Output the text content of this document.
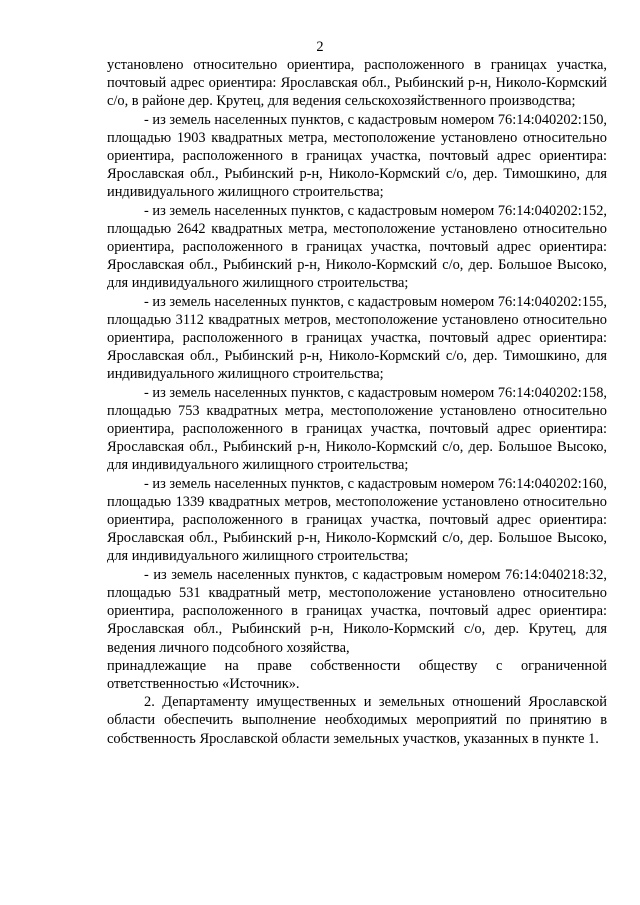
2

установлено относительно ориентира, расположенного в границах участка, почтовый адрес ориентира: Ярославская обл., Рыбинский р-н, Николо-Кормский с/о, в районе дер. Крутец, для ведения сельскохозяйственного производства;

- из земель населенных пунктов, с кадастровым номером 76:14:040202:150, площадью 1903 квадратных метра, местоположение установлено относительно ориентира, расположенного в границах участка, почтовый адрес ориентира: Ярославская обл., Рыбинский р-н, Николо-Кормский с/о, дер. Тимошкино, для индивидуального жилищного строительства;

- из земель населенных пунктов, с кадастровым номером 76:14:040202:152, площадью 2642 квадратных метра, местоположение установлено относительно ориентира, расположенного в границах участка, почтовый адрес ориентира: Ярославская обл., Рыбинский р-н, Николо-Кормский с/о, дер. Большое Высоко, для индивидуального жилищного строительства;

- из земель населенных пунктов, с кадастровым номером 76:14:040202:155, площадью 3112 квадратных метров, местоположение установлено относительно ориентира, расположенного в границах участка, почтовый адрес ориентира: Ярославская обл., Рыбинский р-н, Николо-Кормский с/о, дер. Тимошкино, для индивидуального жилищного строительства;

- из земель населенных пунктов, с кадастровым номером 76:14:040202:158, площадью 753 квадратных метра, местоположение установлено относительно ориентира, расположенного в границах участка, почтовый адрес ориентира: Ярославская обл., Рыбинский р-н, Николо-Кормский с/о, дер. Большое Высоко, для индивидуального жилищного строительства;

- из земель населенных пунктов, с кадастровым номером 76:14:040202:160, площадью 1339 квадратных метров, местоположение установлено относительно ориентира, расположенного в границах участка, почтовый адрес ориентира: Ярославская обл., Рыбинский р-н, Николо-Кормский с/о, дер. Большое Высоко, для индивидуального жилищного строительства;

- из земель населенных пунктов, с кадастровым номером 76:14:040218:32, площадью 531 квадратный метр, местоположение установлено относительно ориентира, расположенного в границах участка, почтовый адрес ориентира: Ярославская обл., Рыбинский р-н, Николо-Кормский с/о, дер. Крутец, для ведения личного подсобного хозяйства,

принадлежащие на праве собственности обществу с ограниченной ответственностью «Источник».

2. Департаменту имущественных и земельных отношений Ярославской области обеспечить выполнение необходимых мероприятий по принятию в собственность Ярославской области земельных участков, указанных в пункте 1.
